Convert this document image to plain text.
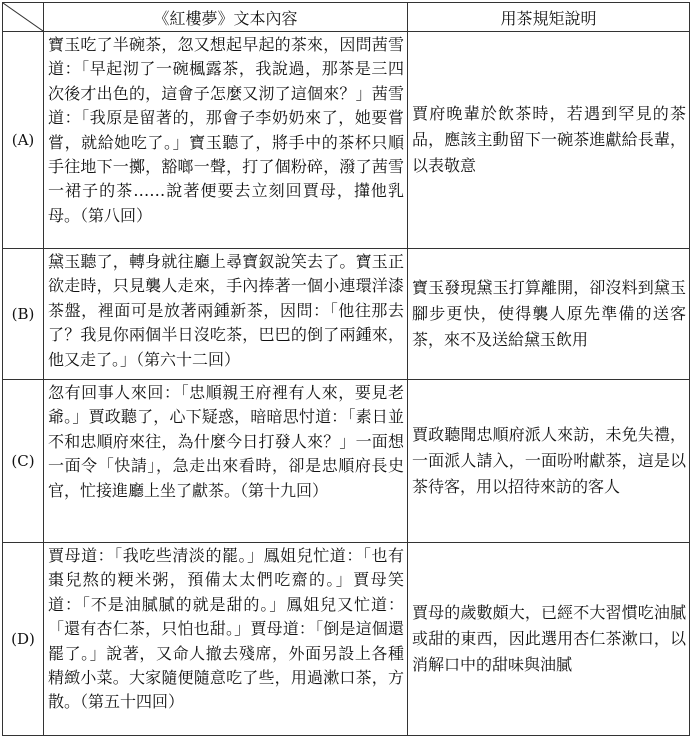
	《紅樓夢》文本內容	用茶規矩說明
(A)	寶玉吃了半碗茶，忽又想起早起的茶來，因問茜雪道：「早起沏了一碗楓露茶，我說過，那茶是三四次後才出色的，這會子怎麼又沏了這個來？」茜雪道：「我原是留著的，那會子李奶奶來了，她要嘗嘗，就給她吃了。」寶玉聽了，將手中的茶杯只順手往地下一擲，豁啷一聲，打了個粉碎，潑了茜雪一裙子的茶……說著便要去立刻回賈母，攆他乳母。（第八回）	賈府晚輩於飲茶時，若遇到罕見的茶品，應該主動留下一碗茶進獻給長輩，以表敬意
(B)	黛玉聽了，轉身就往廳上尋寶釵說笑去了。寶玉正欲走時，只見襲人走來，手內捧著一個小連環洋漆茶盤，裡面可是放著兩鍾新茶，因問：「他往那去了？我見你兩個半日沒吃茶，巴巴的倒了兩鍾來，他又走了。」（第六十二回）	寶玉發現黛玉打算離開，卻沒料到黛玉腳步更快，使得襲人原先準備的送客茶，來不及送給黛玉飲用
(C)	忽有回事人來回：「忠順親王府裡有人來，要見老爺。」賈政聽了，心下疑惑，暗暗思忖道：「素日並不和忠順府來往，為什麼今日打發人來？」一面想一面令「快請」，急走出來看時，卻是忠順府長史官，忙接進廳上坐了獻茶。（第十九回）	賈政聽聞忠順府派人來訪，未免失禮，一面派人請入，一面吩咐獻茶，這是以茶待客，用以招待來訪的客人
(D)	賈母道：「我吃些清淡的罷。」鳳姐兒忙道：「也有棗兒熬的粳米粥，預備太太們吃齋的。」賈母笑道：「不是油膩膩的就是甜的。」鳳姐兒又忙道：「還有杏仁茶，只怕也甜。」賈母道：「倒是這個還罷了。」說著，又命人撤去殘席，外面另設上各種精緻小菜。大家隨便隨意吃了些，用過漱口茶，方散。（第五十四回）	賈母的歲數頗大，已經不大習慣吃油膩或甜的東西，因此選用杏仁茶漱口，以消解口中的甜味與油膩
